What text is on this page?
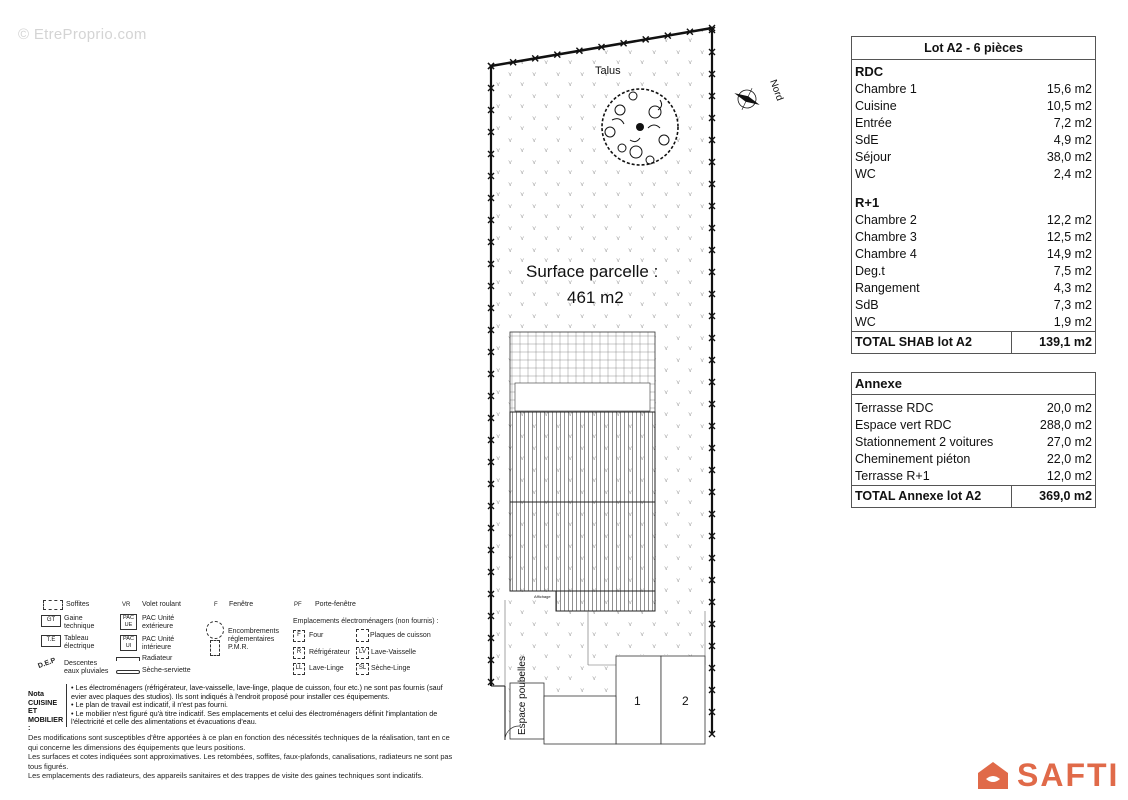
© EtreProprio.com
Talus
Nord
Surface parcelle :
461 m2
Affichage
1	2
Espace poubelles
Lot A2 - 6 pièces
RDC
Chambre 1	15,6 m2
Cuisine	10,5 m2
Entrée	7,2 m2
SdE	4,9 m2
Séjour	38,0 m2
WC	2,4 m2
R+1
Chambre 2	12,2 m2
Chambre 3	12,5 m2
Chambre 4	14,9 m2
Deg.t	7,5 m2
Rangement	4,3 m2
SdB	7,3 m2
WC	1,9 m2
TOTAL SHAB lot A2	139,1 m2
Annexe
Terrasse RDC	20,0 m2
Espace vert RDC	288,0 m2
Stationnement 2 voitures	27,0 m2
Cheminement piéton	22,0 m2
Terrasse R+1	12,0 m2
TOTAL Annexe lot A2	369,0 m2
Soffites
GT	Gaine technique
T.E	Tableau électrique
D.E.P Descentes eaux pluviales
VR Volet roulant
PAC UE
PAC Unité extérieure
PAC UI
PAC Unité intérieure
Radiateur
Sèche-serviette
F Fenêtre
Encombrements réglementaires P.M.R.
PF Porte-fenêtre
Emplacements électroménagers (non fournis) :
F	Four
R	Réfrigérateur
LL Lave-Linge
Plaques de cuisson
LV Lave-Vaisselle
SL Sèche-Linge
Nota CUISINE ET MOBILIER :
• Les électroménagers (réfrigérateur, lave-vaisselle, lave-linge, plaque de cuisson, four etc.) ne sont pas fournis (sauf evier avec plaques des studios). Ils sont indiqués à l'endroit proposé pour installer ces équipements.
• Le plan de travail est indicatif, il n'est pas fourni.
• Le mobilier n'est figuré qu'à titre indicatif. Ses emplacements et celui des électroménagers définit l'implantation de l'électricité et celle des alimentations et évacuations d'eau.
Des modifications sont susceptibles d'être apportées à ce plan en fonction des nécessités techniques de la réalisation, tant en ce qui concerne les dimensions des équipements que leurs positions.
Les surfaces et cotes indiquées sont approximatives. Les retombées, soffites, faux-plafonds, canalisations, radiateurs ne sont pas tous figurés.
Les emplacements des radiateurs, des appareils sanitaires et des trappes de visite des gaines techniques sont indicatifs.	SAFTI
